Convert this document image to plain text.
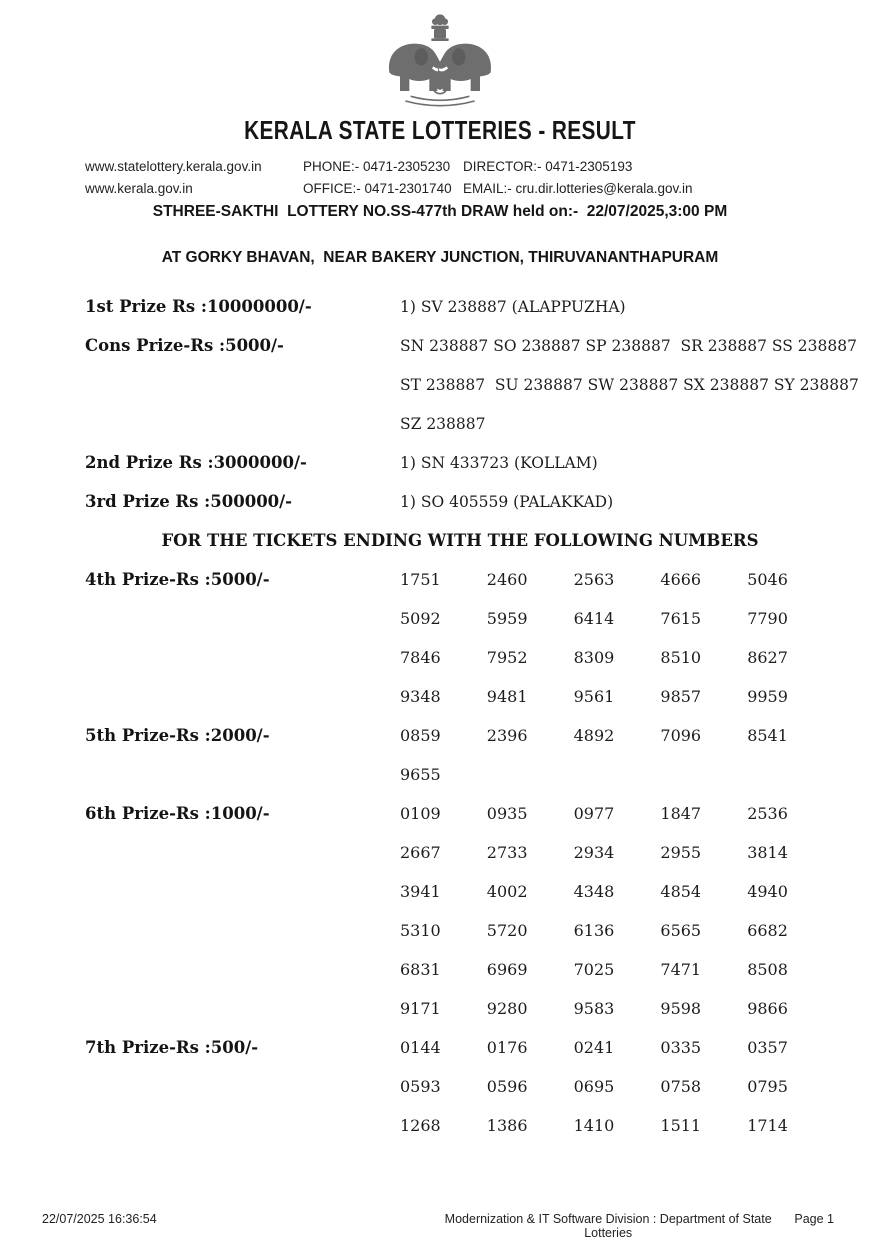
KERALA STATE LOTTERIES - RESULT
www.statelottery.kerala.gov.in	PHONE:- 0471-2305230 DIRECTOR:- 0471-2305193
www.kerala.gov.in	OFFICE:- 0471-2301740 EMAIL:- cru.dir.lotteries@kerala.gov.in
STHREE-SAKTHI  LOTTERY NO.SS-477th DRAW held on:-  22/07/2025,3:00 PM
AT GORKY BHAVAN,  NEAR BAKERY JUNCTION, THIRUVANANTHAPURAM
1st Prize Rs :10000000/-	1) SV 238887 (ALAPPUZHA)
Cons Prize-Rs :5000/-	SN 238887 SO 238887 SP 238887  SR 238887 SS 238887
ST 238887  SU 238887 SW 238887 SX 238887 SY 238887
SZ 238887
2nd Prize Rs :3000000/-	1) SN 433723 (KOLLAM)
3rd Prize Rs :500000/-	1) SO 405559 (PALAKKAD)
FOR THE TICKETS ENDING WITH THE FOLLOWING NUMBERS
4th Prize-Rs :5000/-	1751	2460	2563	4666	5046
5092	5959	6414	7615	7790
7846	7952	8309	8510	8627
9348	9481	9561	9857	9959
5th Prize-Rs :2000/-	0859	2396	4892	7096	8541
9655
6th Prize-Rs :1000/-	0109	0935	0977	1847	2536
2667	2733	2934	2955	3814
3941	4002	4348	4854	4940
5310	5720	6136	6565	6682
6831	6969	7025	7471	8508
9171	9280	9583	9598	9866
7th Prize-Rs :500/-	0144	0176	0241	0335	0357
0593	0596	0695	0758	0795
1268	1386	1410	1511	1714
22/07/2025 16:36:54	Modernization & IT Software Division : Department of State Lotteries
Page 1
